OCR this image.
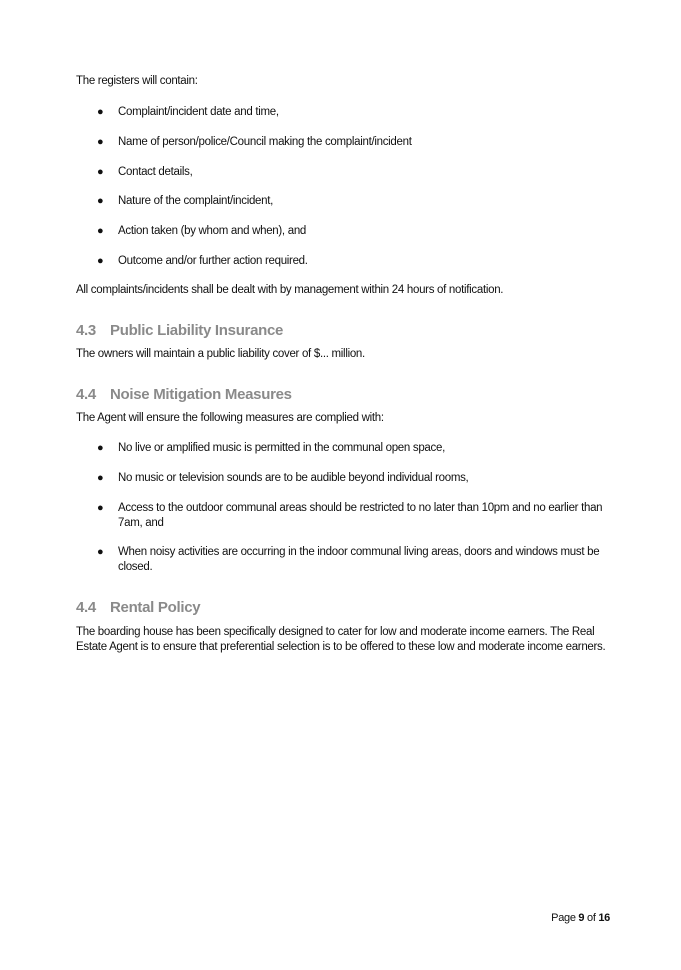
The registers will contain:
● Complaint/incident date and time,
● Name of person/police/Council making the complaint/incident
● Contact details,
● Nature of the complaint/incident,
● Action taken (by whom and when), and
● Outcome and/or further action required.
All complaints/incidents shall be dealt with by management within 24 hours of notification.
4.3 Public Liability Insurance
The owners will maintain a public liability cover of $... million.
4.4 Noise Mitigation Measures
The Agent will ensure the following measures are complied with:
● No live or amplified music is permitted in the communal open space,
● No music or television sounds are to be audible beyond individual rooms,
● Access to the outdoor communal areas should be restricted to no later than 10pm and no earlier than 7am, and
● When noisy activities are occurring in the indoor communal living areas, doors and windows must be closed.
4.4 Rental Policy
The boarding house has been specifically designed to cater for low and moderate income earners. The Real Estate Agent is to ensure that preferential selection is to be offered to these low and moderate income earners.
Page 9 of 16
